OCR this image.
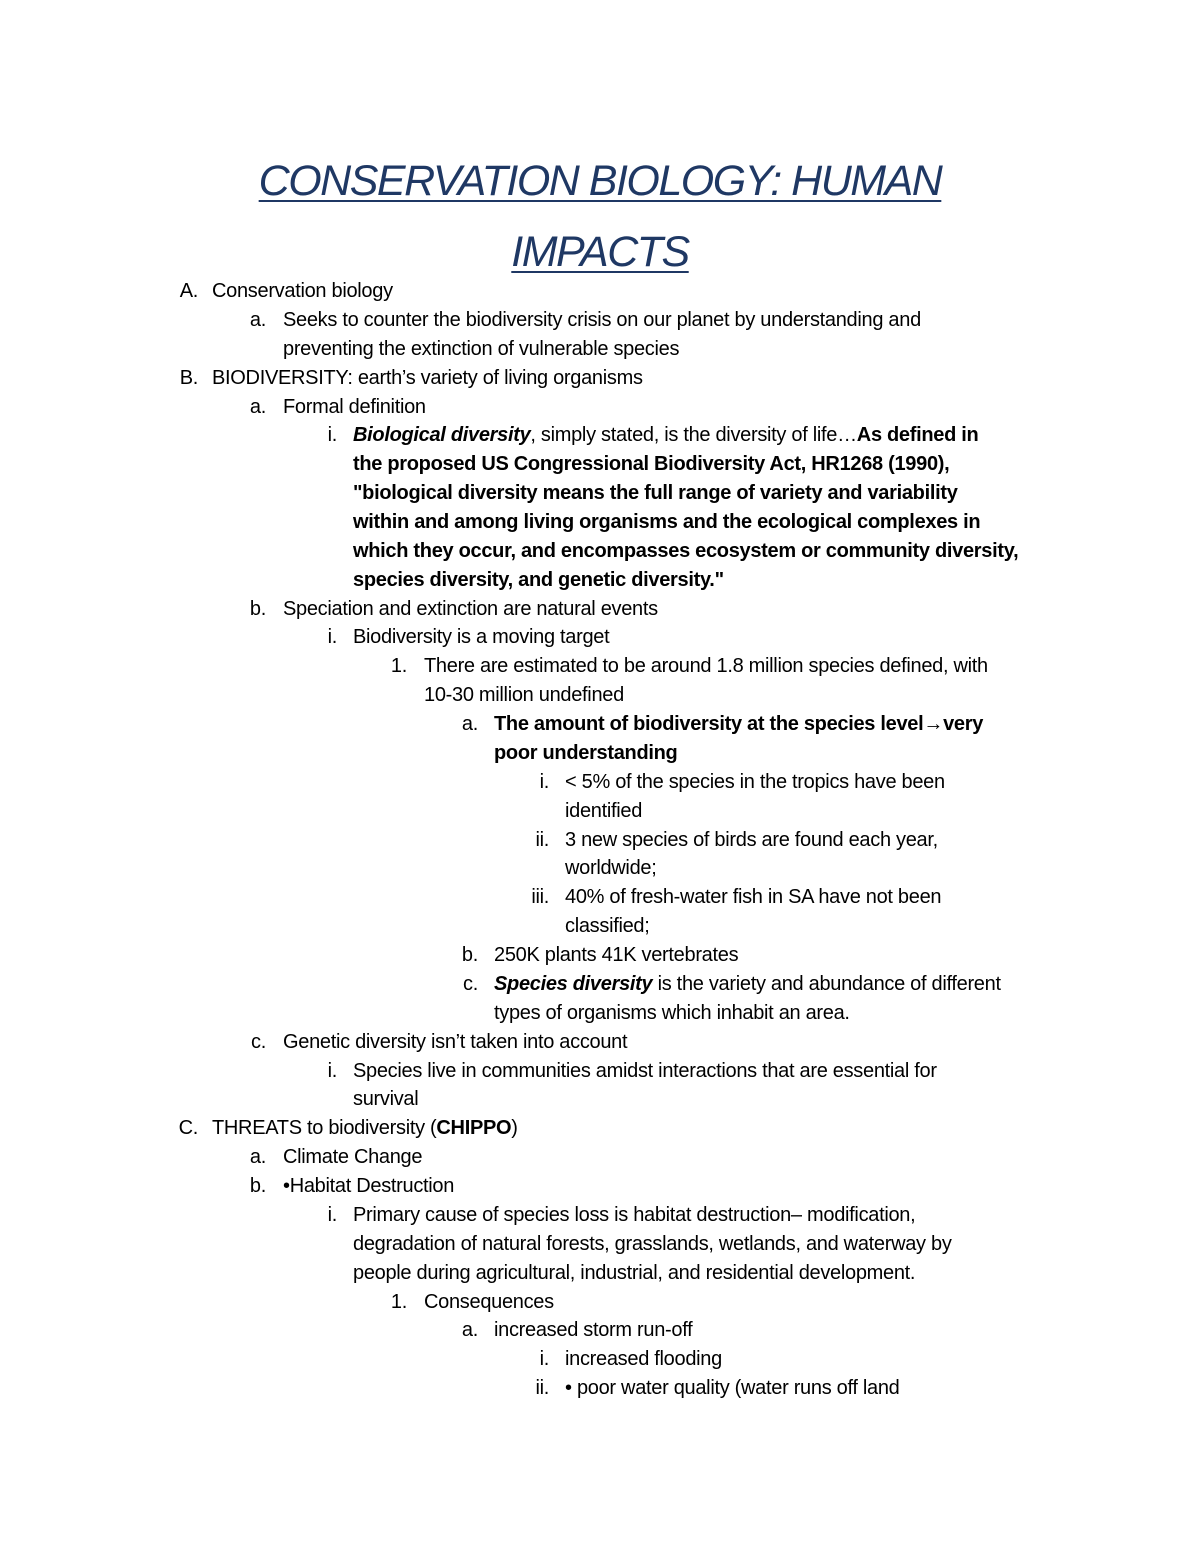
CONSERVATION BIOLOGY: HUMAN
IMPACTS
A. Conservation biology
a. Seeks to counter the biodiversity crisis on our planet by understanding and
preventing the extinction of vulnerable species
B. BIODIVERSITY: earth’s variety of living organisms
a. Formal definition
i. Biological diversity, simply stated, is the diversity of life…As defined in
the proposed US Congressional Biodiversity Act, HR1268 (1990),
"biological diversity means the full range of variety and variability
within and among living organisms and the ecological complexes in
which they occur, and encompasses ecosystem or community diversity,
species diversity, and genetic diversity."
b. Speciation and extinction are natural events
i. Biodiversity is a moving target
1. There are estimated to be around 1.8 million species defined, with
10-30 million undefined
a. The amount of biodiversity at the species level→very
poor understanding
i. < 5% of the species in the tropics have been
identified
ii. 3 new species of birds are found each year,
worldwide;
iii. 40% of fresh-water fish in SA have not been
classified;
b. 250K plants 41K vertebrates
c. Species diversity is the variety and abundance of different
types of organisms which inhabit an area.
c. Genetic diversity isn’t taken into account
i. Species live in communities amidst interactions that are essential for
survival
C. THREATS to biodiversity (CHIPPO)
a. Climate Change
b. •Habitat Destruction
i. Primary cause of species loss is habitat destruction– modification,
degradation of natural forests, grasslands, wetlands, and waterway by
people during agricultural, industrial, and residential development.
1. Consequences
a. increased storm run-off
i. increased flooding
ii. • poor water quality (water runs off land
